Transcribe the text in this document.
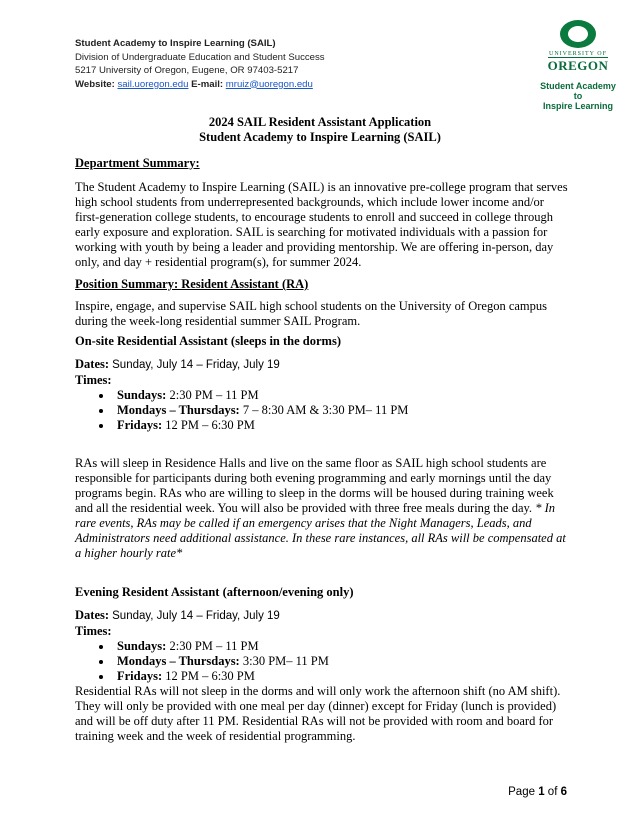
Student Academy to Inspire Learning (SAIL)
Division of Undergraduate Education and Student Success
5217 University of Oregon, Eugene, OR 97403-5217
Website: sail.uoregon.edu E-mail: mruiz@uoregon.edu
UNIVERSITY OF
OREGON
Student Academy to
Inspire Learning
2024 SAIL Resident Assistant Application
Student Academy to Inspire Learning (SAIL)

Department Summary:

The Student Academy to Inspire Learning (SAIL) is an innovative pre-college program that serves high school students from underrepresented backgrounds, which include lower income and/or first-generation college students, to encourage students to enroll and succeed in college through early exposure and exploration. SAIL is searching for motivated individuals with a passion for working with youth by being a leader and providing mentorship. We are offering in-person, day only, and day + residential program(s), for summer 2024.

Position Summary: Resident Assistant (RA)

Inspire, engage, and supervise SAIL high school students on the University of Oregon campus during the week-long residential summer SAIL Program.

On-site Residential Assistant (sleeps in the dorms)

Dates: Sunday, July 14 – Friday, July 19

Times:

• Sundays: 2:30 PM – 11 PM
• Mondays – Thursdays: 7 – 8:30 AM & 3:30 PM– 11 PM
• Fridays: 12 PM – 6:30 PM

RAs will sleep in Residence Halls and live on the same floor as SAIL high school students are responsible for participants during both evening programming and early mornings until the day programs begin. RAs who are willing to sleep in the dorms will be housed during training week and all the residential week. You will also be provided with three free meals during the day. * In rare events, RAs may be called if an emergency arises that the Night Managers, Leads, and Administrators need additional assistance. In these rare instances, all RAs will be compensated at a higher hourly rate*

Evening Resident Assistant (afternoon/evening only)

Dates: Sunday, July 14 – Friday, July 19

Times:

• Sundays: 2:30 PM – 11 PM
• Mondays – Thursdays: 3:30 PM– 11 PM
• Fridays: 12 PM – 6:30 PM

Residential RAs will not sleep in the dorms and will only work the afternoon shift (no AM shift). They will only be provided with one meal per day (dinner) except for Friday (lunch is provided) and will be off duty after 11 PM. Residential RAs will not be provided with room and board for training week and the week of residential programming.

Page 1 of 6
